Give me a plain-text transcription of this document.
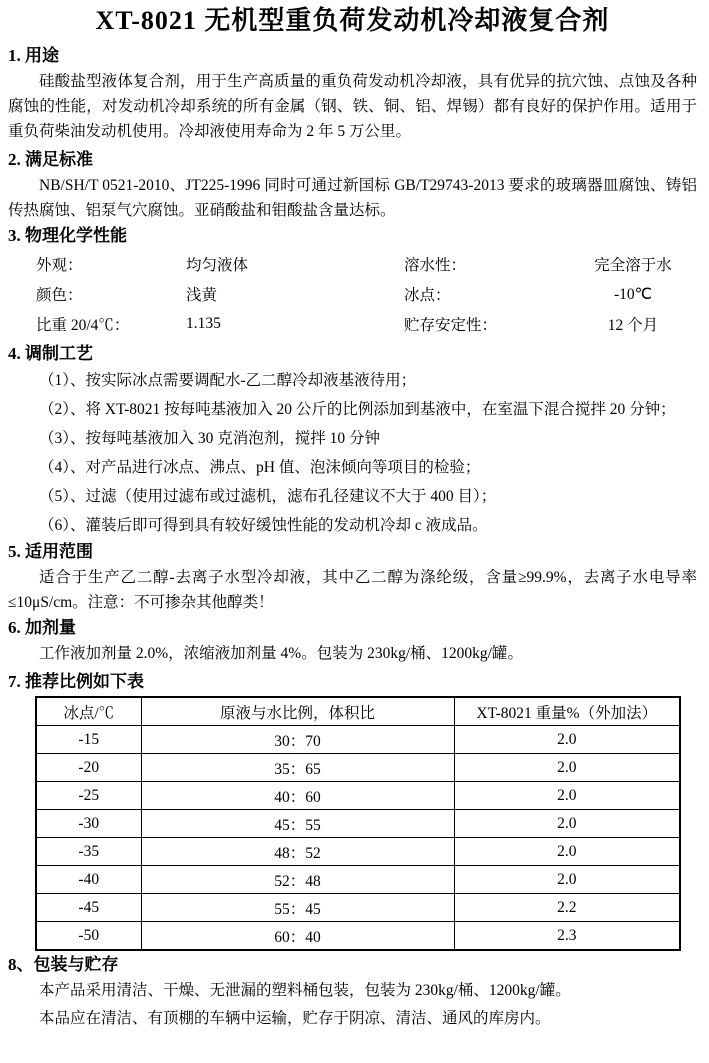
XT-8021 无机型重负荷发动机冷却液复合剂
1. 用途

硅酸盐型液体复合剂，用于生产高质量的重负荷发动机冷却液，具有优异的抗穴蚀、点蚀及各种腐蚀的性能，对发动机冷却系统的所有金属（钢、铁、铜、铝、焊锡）都有良好的保护作用。适用于重负荷柴油发动机使用。冷却液使用寿命为 2 年 5 万公里。

2. 满足标准

NB/SH/T 0521-2010、JT225-1996 同时可通过新国标 GB/T29743-2013 要求的玻璃器皿腐蚀、铸铝传热腐蚀、铝泵气穴腐蚀。亚硝酸盐和钼酸盐含量达标。

3. 物理化学性能
外观：	均匀液体	溶水性：	完全溶于水
颜色：	浅黄	冰点：	-10℃
比重 20/4℃：	1.135	贮存安定性：	12 个月
4. 调制工艺

（1）、按实际冰点需要调配水-乙二醇冷却液基液待用；

（2）、将 XT-8021 按每吨基液加入 20 公斤的比例添加到基液中，在室温下混合搅拌 20 分钟；

（3）、按每吨基液加入 30 克消泡剂，搅拌 10 分钟

（4）、对产品进行冰点、沸点、pH 值、泡沫倾向等项目的检验；

（5）、过滤（使用过滤布或过滤机，滤布孔径建议不大于 400 目）；

（6）、灌装后即可得到具有较好缓蚀性能的发动机冷却 c 液成品。

5. 适用范围

适合于生产乙二醇-去离子水型冷却液，其中乙二醇为涤纶级，含量≥99.9%，去离子水电导率≤10μS/cm。注意：不可掺杂其他醇类！

6. 加剂量

工作液加剂量 2.0%，浓缩液加剂量 4%。包装为 230kg/桶、1200kg/罐。

7. 推荐比例如下表
冰点/℃	原液与水比例，体积比	XT-8021 重量%（外加法）
-15	30：70	2.0
-20	35：65	2.0
-25	40：60	2.0
-30	45：55	2.0
-35	48：52	2.0
-40	52：48	2.0
-45	55：45	2.2
-50	60：40	2.3
8、包装与贮存

本产品采用清洁、干燥、无泄漏的塑料桶包装，包装为 230kg/桶、1200kg/罐。

本品应在清洁、有顶棚的车辆中运输，贮存于阴凉、清洁、通风的库房内。
